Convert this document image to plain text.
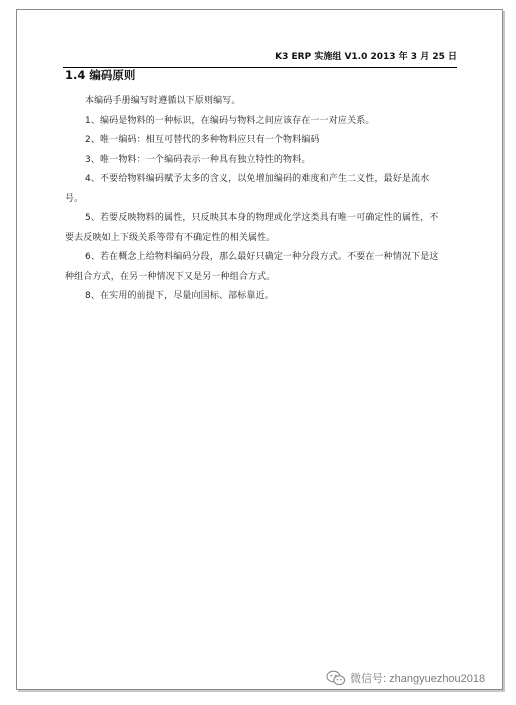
K3 ERP 实施组 V1.0 2013 年 3 月 25 日
1.4 编码原则

本编码手册编写时遵循以下原则编写。

1、编码是物料的一种标识，在编码与物料之间应该存在一一对应关系。

2、唯一编码：相互可替代的多种物料应只有一个物料编码

3、唯一物料：一个编码表示一种具有独立特性的物料。

4、不要给物料编码赋予太多的含义，以免增加编码的难度和产生二义性，最好是流水号。

5、若要反映物料的属性，只反映其本身的物理或化学这类具有唯一可确定性的属性，不要去反映如上下级关系等带有不确定性的相关属性。

6、若在概念上给物料编码分段，那么最好只确定一种分段方式。不要在一种情况下是这种组合方式，在另一种情况下又是另一种组合方式。

8、在实用的前提下，尽量向国标、部标靠近。

微信号: zhangyuezhou2018
